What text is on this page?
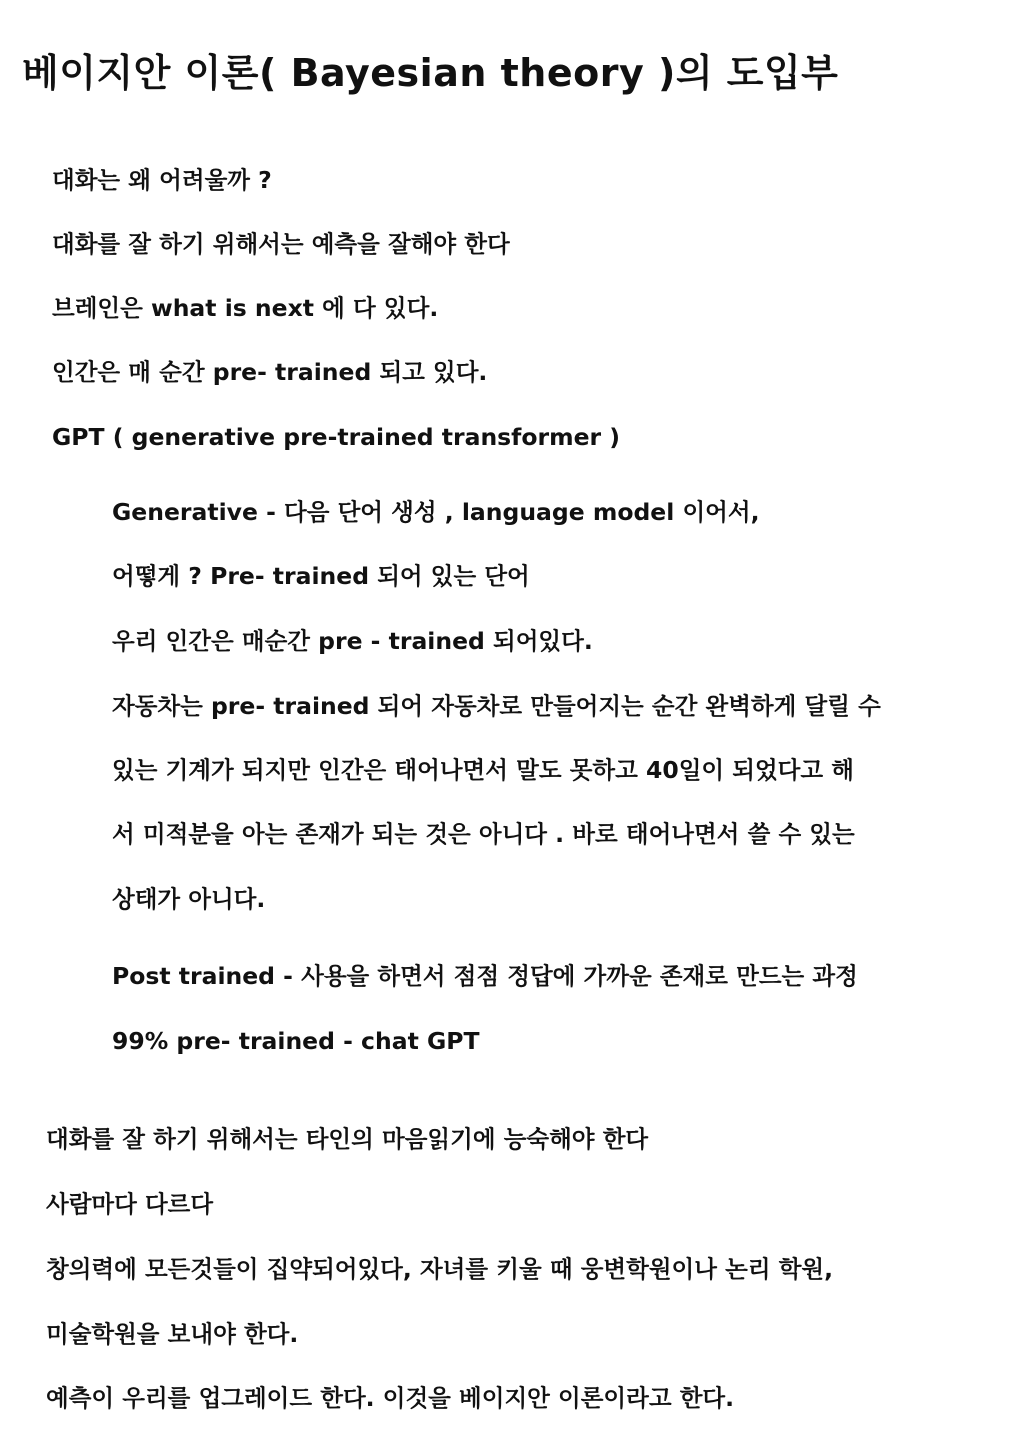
베이지안 이론( Bayesian theory )의 도입부

대화는 왜 어려울까 ?

대화를 잘 하기 위해서는 예측을 잘해야 한다

브레인은 what is next 에 다 있다.

인간은 매 순간 pre- trained 되고 있다.

GPT ( generative pre-trained transformer )

Generative - 다음 단어 생성 , language model 이어서,

어떻게 ? Pre- trained 되어 있는 단어

우리 인간은 매순간 pre - trained 되어있다.

자동차는 pre- trained 되어 자동차로 만들어지는 순간 완벽하게 달릴 수

있는 기계가 되지만 인간은 태어나면서 말도 못하고 40일이 되었다고 해

서 미적분을 아는 존재가 되는 것은 아니다 . 바로 태어나면서 쓸 수 있는

상태가 아니다.

Post trained - 사용을 하면서 점점 정답에 가까운 존재로 만드는 과정

99% pre- trained - chat GPT

대화를 잘 하기 위해서는 타인의 마음읽기에 능숙해야 한다

사람마다 다르다

창의력에 모든것들이 집약되어있다, 자녀를 키울 때 웅변학원이나 논리 학원,

미술학원을 보내야 한다.

예측이 우리를 업그레이드 한다. 이것을 베이지안 이론이라고 한다.
